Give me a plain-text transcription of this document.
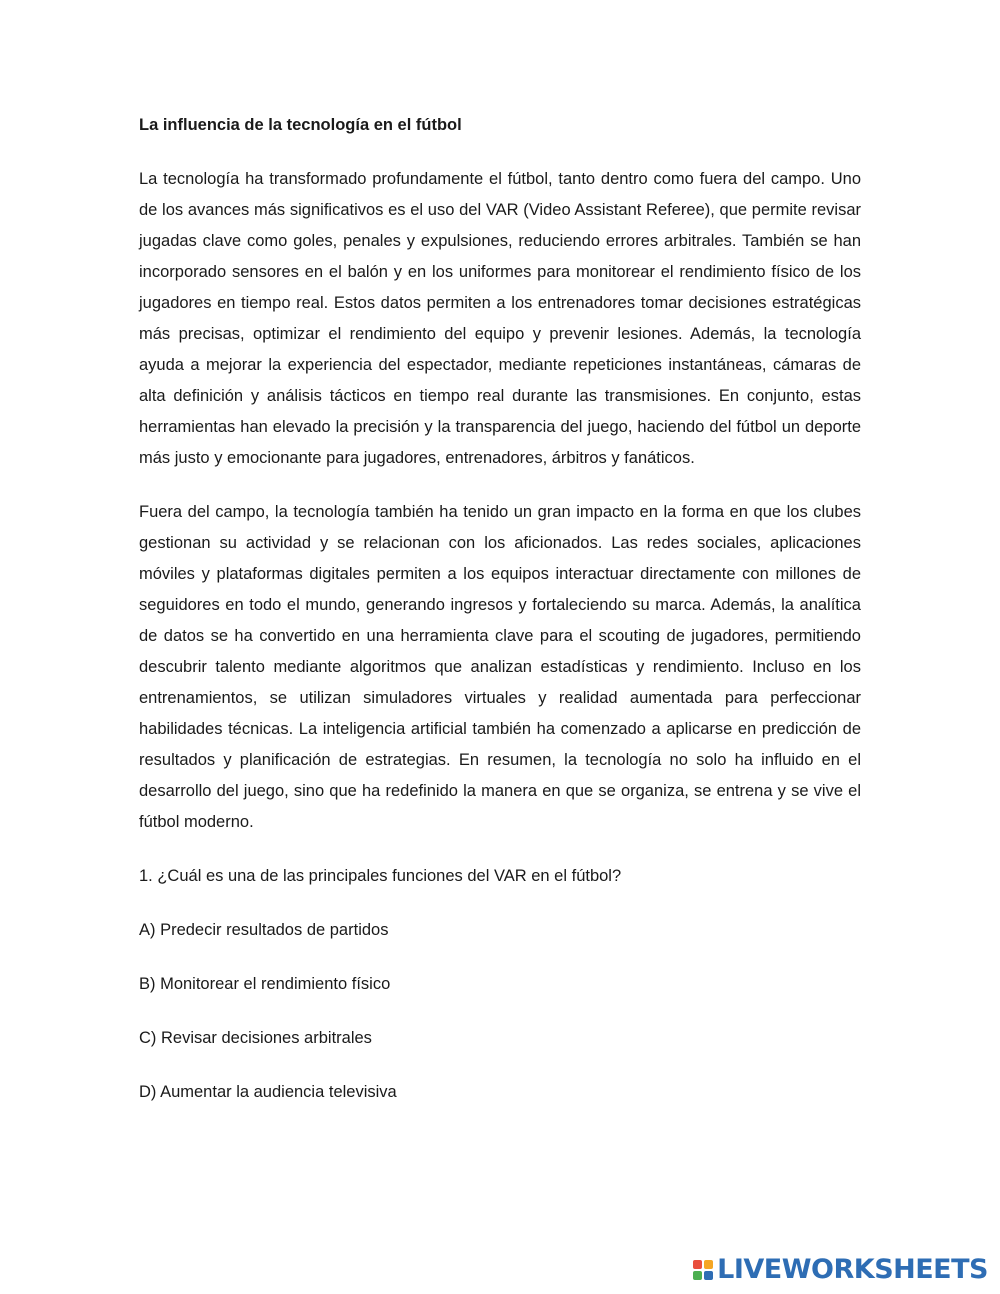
La influencia de la tecnología en el fútbol

La tecnología ha transformado profundamente el fútbol, tanto dentro como fuera del campo. Uno de los avances más significativos es el uso del VAR (Video Assistant Referee), que permite revisar jugadas clave como goles, penales y expulsiones, reduciendo errores arbitrales. También se han incorporado sensores en el balón y en los uniformes para monitorear el rendimiento físico de los jugadores en tiempo real. Estos datos permiten a los entrenadores tomar decisiones estratégicas más precisas, optimizar el rendimiento del equipo y prevenir lesiones. Además, la tecnología ayuda a mejorar la experiencia del espectador, mediante repeticiones instantáneas, cámaras de alta definición y análisis tácticos en tiempo real durante las transmisiones. En conjunto, estas herramientas han elevado la precisión y la transparencia del juego, haciendo del fútbol un deporte más justo y emocionante para jugadores, entrenadores, árbitros y fanáticos.

Fuera del campo, la tecnología también ha tenido un gran impacto en la forma en que los clubes gestionan su actividad y se relacionan con los aficionados. Las redes sociales, aplicaciones móviles y plataformas digitales permiten a los equipos interactuar directamente con millones de seguidores en todo el mundo, generando ingresos y fortaleciendo su marca. Además, la analítica de datos se ha convertido en una herramienta clave para el scouting de jugadores, permitiendo descubrir talento mediante algoritmos que analizan estadísticas y rendimiento. Incluso en los entrenamientos, se utilizan simuladores virtuales y realidad aumentada para perfeccionar habilidades técnicas. La inteligencia artificial también ha comenzado a aplicarse en predicción de resultados y planificación de estrategias. En resumen, la tecnología no solo ha influido en el desarrollo del juego, sino que ha redefinido la manera en que se organiza, se entrena y se vive el fútbol moderno.

1. ¿Cuál es una de las principales funciones del VAR en el fútbol?
A) Predecir resultados de partidos
B) Monitorear el rendimiento físico
C) Revisar decisiones arbitrales
D) Aumentar la audiencia televisiva
LIVEWORKSHEETS
